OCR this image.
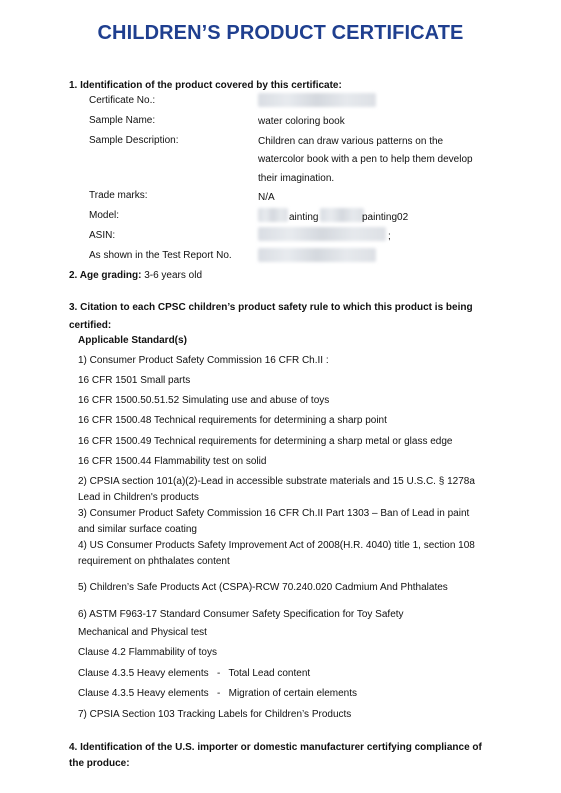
CHILDREN’S PRODUCT CERTIFICATE
1. Identification of the product covered by this certificate:
Certificate No.:
Sample Name:	water coloring book
Sample Description:	Children can draw various patterns on the
watercolor book with a pen to help them develop
their imagination.
Trade marks:	N/A
Model:	ainting	painting02
ASIN:	;
As shown in the Test Report No.
2. Age grading: 3-6 years old
3. Citation to each CPSC children’s product safety rule to which this product is being
certified:
Applicable Standard(s)
1) Consumer Product Safety Commission 16 CFR Ch.II :
16 CFR 1501 Small parts
16 CFR 1500.50.51.52 Simulating use and abuse of toys
16 CFR 1500.48 Technical requirements for determining a sharp point
16 CFR 1500.49 Technical requirements for determining a sharp metal or glass edge
16 CFR 1500.44 Flammability test on solid
2) CPSIA section 101(a)(2)-Lead in accessible substrate materials and 15 U.S.C. § 1278a
Lead in Children's products
3) Consumer Product Safety Commission 16 CFR Ch.II Part 1303 – Ban of Lead in paint
and similar surface coating
4) US Consumer Products Safety Improvement Act of 2008(H.R. 4040) title 1, section 108
requirement on phthalates content
5) Children’s Safe Products Act (CSPA)-RCW 70.240.020 Cadmium And Phthalates
6) ASTM F963-17 Standard Consumer Safety Specification for Toy Safety
Mechanical and Physical test
Clause 4.2 Flammability of toys
Clause 4.3.5 Heavy elements   -   Total Lead content
Clause 4.3.5 Heavy elements   -   Migration of certain elements
7) CPSIA Section 103 Tracking Labels for Children’s Products
4. Identification of the U.S. importer or domestic manufacturer certifying compliance of
the produce:
